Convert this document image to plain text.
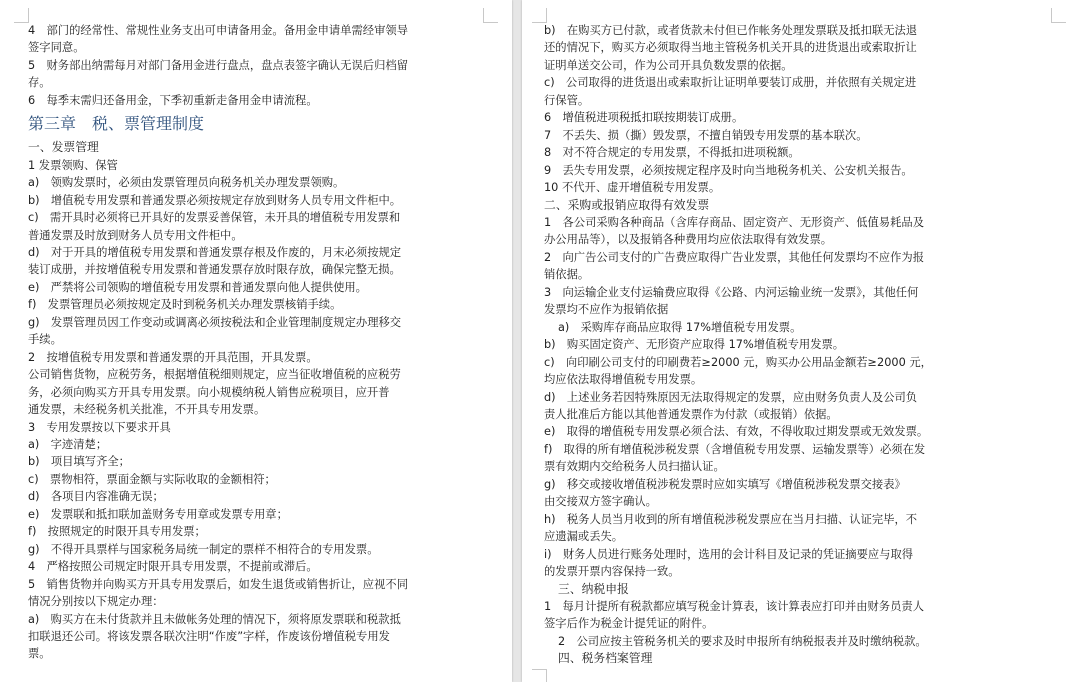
4　部门的经常性、常规性业务支出可申请备用金。备用金申请单需经审领导
签字同意。
5　财务部出纳需每月对部门备用金进行盘点，盘点表签字确认无误后归档留
存。
6　每季末需归还备用金，下季初重新走备用金申请流程。
第三章　税、票管理制度
一、发票管理
1 发票领购、保管
a)　领购发票时，必须由发票管理员向税务机关办理发票领购。
b)　增值税专用发票和普通发票必须按规定存放到财务人员专用文件柜中。
c)　需开具时必须将已开具好的发票妥善保管，未开具的增值税专用发票和
普通发票及时放到财务人员专用文件柜中。
d)　对于开具的增值税专用发票和普通发票存根及作废的，月末必须按规定
装订成册，并按增值税专用发票和普通发票存放时限存放，确保完整无损。
e)　严禁将公司领购的增值税专用发票和普通发票向他人提供使用。
f)　发票管理员必须按规定及时到税务机关办理发票核销手续。
g)　发票管理员因工作变动或调离必须按税法和企业管理制度规定办理移交
手续。
2　按增值税专用发票和普通发票的开具范围，开具发票。
公司销售货物，应税劳务，根据增值税细则规定，应当征收增值税的应税劳
务，必须向购买方开具专用发票。向小规模纳税人销售应税项目，应开普
通发票，未经税务机关批准，不开具专用发票。
3　专用发票按以下要求开具
a)　字迹清楚；
b)　项目填写齐全；
c)　票物相符，票面金额与实际收取的金额相符；
d)　各项目内容准确无误；
e)　发票联和抵扣联加盖财务专用章或发票专用章；
f)　按照规定的时限开具专用发票；
g)　不得开具票样与国家税务局统一制定的票样不相符合的专用发票。
4　严格按照公司规定时限开具专用发票，不提前或滞后。
5　销售货物并向购买方开具专用发票后，如发生退货或销售折让，应视不同
情况分别按以下规定办理：
a)　购买方在未付货款并且未做帐务处理的情况下，须将原发票联和税款抵
扣联退还公司。将该发票各联次注明“作废”字样，作废该份增值税专用发
票。
b)　在购买方已付款，或者货款未付但已作帐务处理发票联及抵扣联无法退
还的情况下，购买方必须取得当地主管税务机关开具的进货退出或索取折让
证明单送交公司，作为公司开具负数发票的依据。
c)　公司取得的进货退出或索取折让证明单要装订成册，并依照有关规定进
行保管。
6　增值税进项税抵扣联按期装订成册。
7　不丢失、损（撕）毁发票，不擅自销毁专用发票的基本联次。
8　对不符合规定的专用发票，不得抵扣进项税额。
9　丢失专用发票，必须按规定程序及时向当地税务机关、公安机关报告。
10 不代开、虚开增值税专用发票。
二、采购或报销应取得有效发票
1　各公司采购各种商品（含库存商品、固定资产、无形资产、低值易耗品及
办公用品等），以及报销各种费用均应依法取得有效发票。
2　向广告公司支付的广告费应取得广告业发票，其他任何发票均不应作为报
销依据。
3　向运输企业支付运输费应取得《公路、内河运输业统一发票》，其他任何
发票均不应作为报销依据
a)　采购库存商品应取得 17%增值税专用发票。
b)　购买固定资产、无形资产应取得 17%增值税专用发票。
c)　向印刷公司支付的印刷费若≥2000 元，购买办公用品金额若≥2000 元，
均应依法取得增值税专用发票。
d)　上述业务若因特殊原因无法取得规定的发票，应由财务负责人及公司负
责人批准后方能以其他普通发票作为付款（或报销）依据。
e)　取得的增值税专用发票必须合法、有效，不得收取过期发票或无效发票。
f)　取得的所有增值税涉税发票（含增值税专用发票、运输发票等）必须在发
票有效期内交给税务人员扫描认证。
g)　移交或接收增值税涉税发票时应如实填写《增值税涉税发票交接表》
由交接双方签字确认。
h)　税务人员当月收到的所有增值税涉税发票应在当月扫描、认证完毕，不
应遗漏或丢失。
i)　财务人员进行账务处理时，选用的会计科目及记录的凭证摘要应与取得
的发票开票内容保持一致。
三、纳税申报
1　每月计提所有税款都应填写税金计算表，该计算表应打印并由财务员责人
签字后作为税金计提凭证的附件。
2　公司应按主管税务机关的要求及时申报所有纳税报表并及时缴纳税款。
四、税务档案管理
